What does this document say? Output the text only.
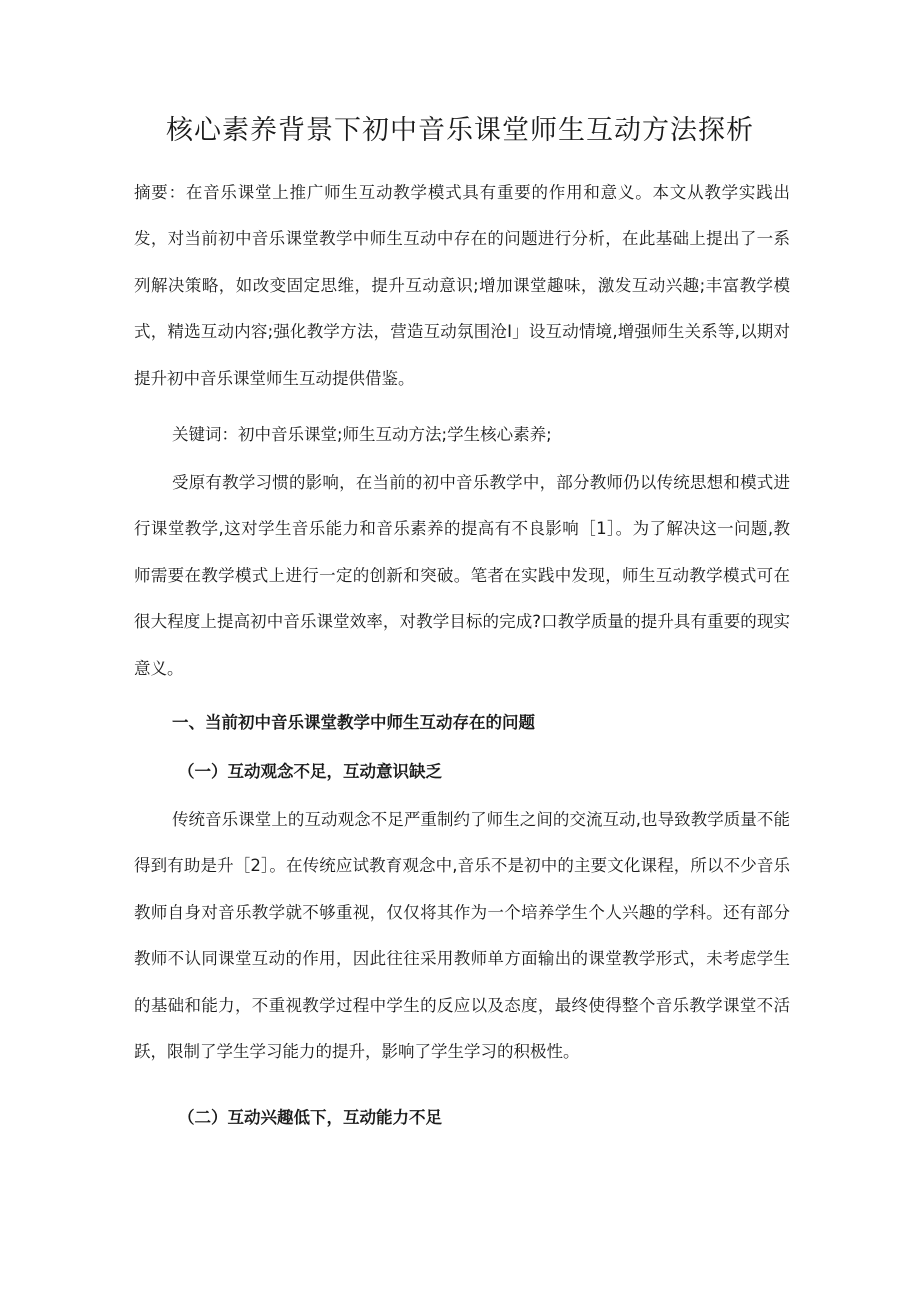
核心素养背景下初中音乐课堂师生互动方法探析

摘要：在音乐课堂上推广师生互动教学模式具有重要的作用和意义。本文从教学实践出发，对当前初中音乐课堂教学中师生互动中存在的问题进行分析，在此基础上提出了一系列解决策略，如改变固定思维，提升互动意识;增加课堂趣味，激发互动兴趣;丰富教学模式，精选互动内容;强化教学方法，营造互动氛围沧I」设互动情境,增强师生关系等,以期对提升初中音乐课堂师生互动提供借鉴。

关键词：初中音乐课堂;师生互动方法;学生核心素养;

受原有教学习惯的影响，在当前的初中音乐教学中，部分教师仍以传统思想和模式进行课堂教学,这对学生音乐能力和音乐素养的提高有不良影响［1］。为了解决这一问题,教师需要在教学模式上进行一定的创新和突破。笔者在实践中发现，师生互动教学模式可在很大程度上提高初中音乐课堂效率，对教学目标的完成?口教学质量的提升具有重要的现实意义。

一、当前初中音乐课堂教学中师生互动存在的问题
（一）互动观念不足，互动意识缺乏

传统音乐课堂上的互动观念不足严重制约了师生之间的交流互动,也导致教学质量不能得到有助是升［2］。在传统应试教育观念中,音乐不是初中的主要文化课程，所以不少音乐教师自身对音乐教学就不够重视，仅仅将其作为一个培养学生个人兴趣的学科。还有部分教师不认同课堂互动的作用，因此往往采用教师单方面输出的课堂教学形式，未考虑学生的基础和能力，不重视教学过程中学生的反应以及态度，最终使得整个音乐教学课堂不活跃，限制了学生学习能力的提升，影响了学生学习的积极性。

（二）互动兴趣低下，互动能力不足
